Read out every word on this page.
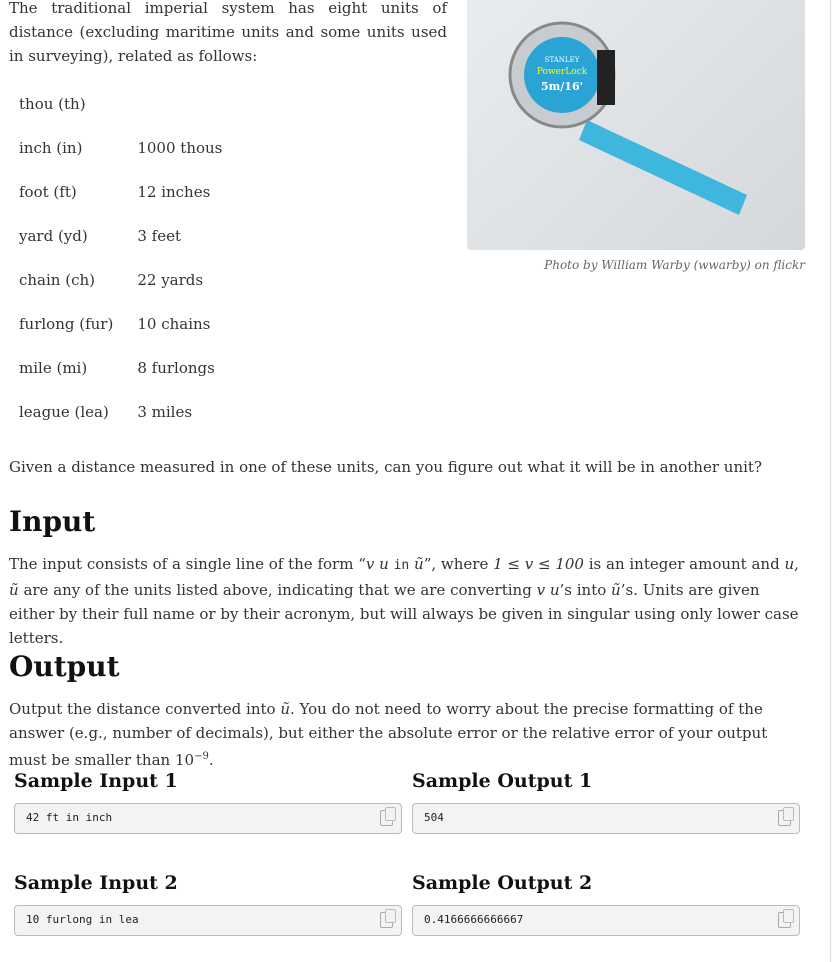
The traditional imperial system has eight units of distance (excluding maritime units and some units used in surveying), related as follows:	STANLEY
PowerLock
5m/16'
Photo by William Warby (wwarby) on flickr
thou (th)	
inch (in)	1000 thous
foot (ft)	12 inches
yard (yd)	3 feet
chain (ch)	22 yards
furlong (fur)	10 chains
mile (mi)	8 furlongs
league (lea)	3 miles

Given a distance measured in one of these units, can you figure out what it will be in another unit?

Input

The input consists of a single line of the form “v u in ũ”, where 1 ≤ v ≤ 100 is an integer amount and u, ũ are any of the units listed above, indicating that we are converting v u’s into ũ’s. Units are given either by their full name or by their acronym, but will always be given in singular using only lower case letters.

Output

Output the distance converted into ũ. You do not need to worry about the precise formatting of the answer (e.g., number of decimals), but either the absolute error or the relative error of your output must be smaller than $10^{-9}$.

Sample Input 1	Sample Output 1
42 ft in inch	504
Sample Input 2	Sample Output 2
10 furlong in lea	0.4166666666667
